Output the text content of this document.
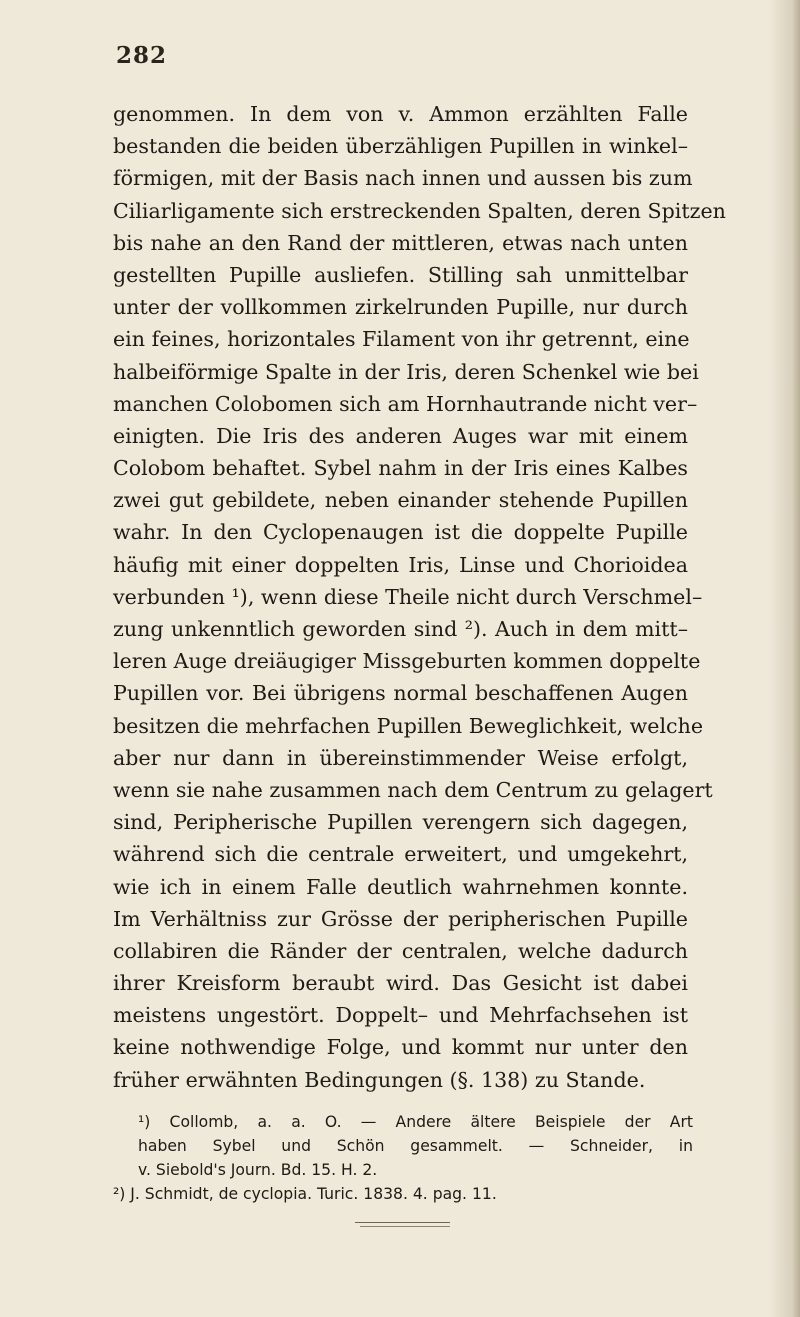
282
genommen. In dem von v. Ammon erzählten Falle
bestanden die beiden überzähligen Pupillen in winkel–
förmigen, mit der Basis nach innen und aussen bis zum
Ciliarligamente sich erstreckenden Spalten, deren Spitzen
bis nahe an den Rand der mittleren, etwas nach unten
gestellten Pupille ausliefen. Stilling sah unmittelbar
unter der vollkommen zirkelrunden Pupille, nur durch
ein feines, horizontales Filament von ihr getrennt, eine
halbeiförmige Spalte in der Iris, deren Schenkel wie bei
manchen Colobomen sich am Hornhautrande nicht ver–
einigten. Die Iris des anderen Auges war mit einem
Colobom behaftet. Sybel nahm in der Iris eines Kalbes
zwei gut gebildete, neben einander stehende Pupillen
wahr. In den Cyclopenaugen ist die doppelte Pupille
häufig mit einer doppelten Iris, Linse und Chorioidea
verbunden ¹), wenn diese Theile nicht durch Verschmel–
zung unkenntlich geworden sind ²). Auch in dem mitt–
leren Auge dreiäugiger Missgeburten kommen doppelte
Pupillen vor. Bei übrigens normal beschaffenen Augen
besitzen die mehrfachen Pupillen Beweglichkeit, welche
aber nur dann in übereinstimmender Weise erfolgt,
wenn sie nahe zusammen nach dem Centrum zu gelagert
sind, Peripherische Pupillen verengern sich dagegen,
während sich die centrale erweitert, und umgekehrt,
wie ich in einem Falle deutlich wahrnehmen konnte.
Im Verhältniss zur Grösse der peripherischen Pupille
collabiren die Ränder der centralen, welche dadurch
ihrer Kreisform beraubt wird. Das Gesicht ist dabei
meistens ungestört. Doppelt– und Mehrfachsehen ist
keine nothwendige Folge, und kommt nur unter den
früher erwähnten Bedingungen (§. 138) zu Stande.
¹) Collomb, a. a. O. — Andere ältere Beispiele der Art
haben Sybel und Schön gesammelt. — Schneider, in
v. Siebold's Journ. Bd. 15. H. 2.
²) J. Schmidt, de cyclopia. Turic. 1838. 4. pag. 11.
